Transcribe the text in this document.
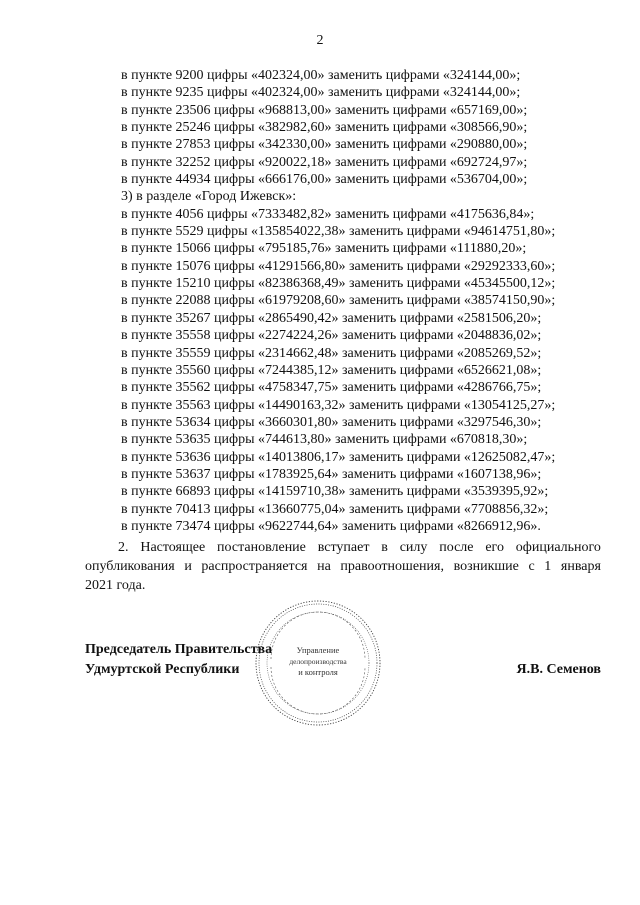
2
в пункте 9200 цифры «402324,00» заменить цифрами «324144,00»;
в пункте 9235 цифры «402324,00» заменить цифрами «324144,00»;
в пункте 23506 цифры «968813,00» заменить цифрами «657169,00»;
в пункте 25246 цифры «382982,60» заменить цифрами «308566,90»;
в пункте 27853 цифры «342330,00» заменить цифрами «290880,00»;
в пункте 32252 цифры «920022,18» заменить цифрами «692724,97»;
в пункте 44934 цифры «666176,00» заменить цифрами «536704,00»;
3) в разделе «Город Ижевск»:
в пункте 4056 цифры «7333482,82» заменить цифрами «4175636,84»;
в пункте 5529 цифры «135854022,38» заменить цифрами «94614751,80»;
в пункте 15066 цифры «795185,76» заменить цифрами «111880,20»;
в пункте 15076 цифры «41291566,80» заменить цифрами «29292333,60»;
в пункте 15210 цифры «82386368,49» заменить цифрами «45345500,12»;
в пункте 22088 цифры «61979208,60» заменить цифрами «38574150,90»;
в пункте 35267 цифры «2865490,42» заменить цифрами «2581506,20»;
в пункте 35558 цифры «2274224,26» заменить цифрами «2048836,02»;
в пункте 35559 цифры «2314662,48» заменить цифрами «2085269,52»;
в пункте 35560 цифры «7244385,12» заменить цифрами «6526621,08»;
в пункте 35562 цифры «4758347,75» заменить цифрами «4286766,75»;
в пункте 35563 цифры «14490163,32» заменить цифрами «13054125,27»;
в пункте 53634 цифры «3660301,80» заменить цифрами «3297546,30»;
в пункте 53635 цифры «744613,80» заменить цифрами «670818,30»;
в пункте 53636 цифры «14013806,17» заменить цифрами «12625082,47»;
в пункте 53637 цифры «1783925,64» заменить цифрами «1607138,96»;
в пункте 66893 цифры «14159710,38» заменить цифрами «3539395,92»;
в пункте 70413 цифры «13660775,04» заменить цифрами «7708856,32»;
в пункте 73474 цифры «9622744,64» заменить цифрами «8266912,96».
2. Настоящее постановление вступает в силу после его официального
опубликования и распространяется на правоотношения, возникшие с 1 января
2021 года.
Управление
делопроизводства
и контроля
Председатель Правительства
Удмуртской Республики	Я.В. Семенов
